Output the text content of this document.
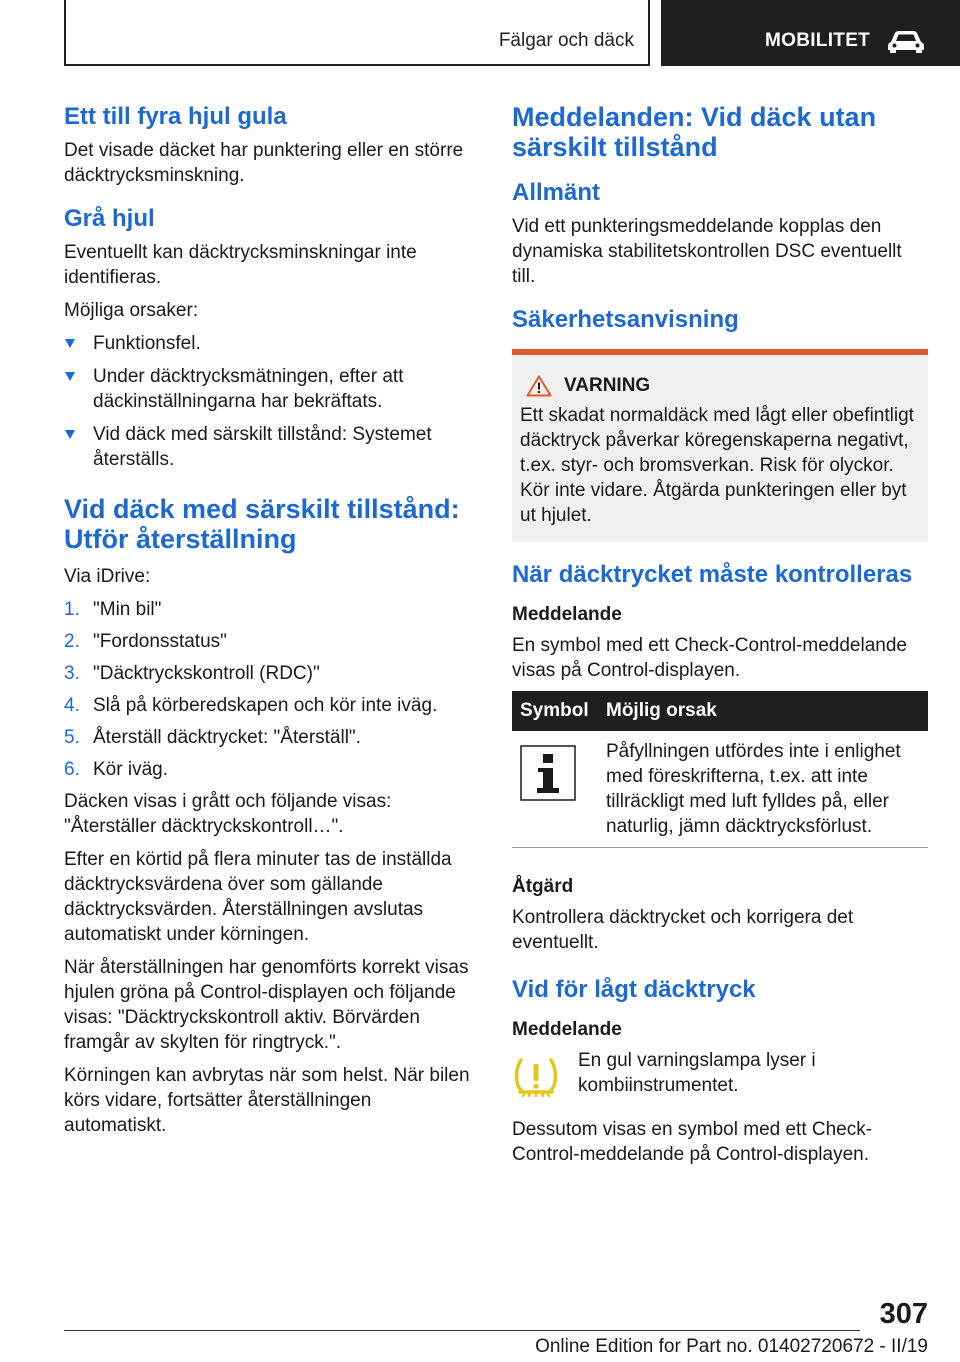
Fälgar och däck	MOBILITET
Ett till fyra hjul gula

Det visade däcket har punktering eller en större däcktrycksminskning.

Grå hjul

Eventuellt kan däcktrycksminskningar inte identifieras.

Möjliga orsaker:

Funktionsfel.
Under däcktrycksmätningen, efter att däckinställningarna har bekräftats.
Vid däck med särskilt tillstånd: Systemet återställs.
Vid däck med särskilt tillstånd: Utför återställning

Via iDrive:

1. "Min bil"
2. "Fordonsstatus"
3. "Däcktryckskontroll (RDC)"
4. Slå på körberedskapen och kör inte iväg.
5. Återställ däcktrycket: "Återställ".
6. Kör iväg.

Däcken visas i grått och följande visas: "Återställer däcktryckskontroll…".

Efter en körtid på flera minuter tas de inställda däcktrycksvärdena över som gällande däcktrycksvärden. Återställningen avslutas automatiskt under körningen.

När återställningen har genomförts korrekt visas hjulen gröna på Control-displayen och följande visas: "Däcktryckskontroll aktiv. Börvärden framgår av skylten för ringtryck.".

Körningen kan avbrytas när som helst. När bilen körs vidare, fortsätter återställningen automatiskt.

Meddelanden: Vid däck utan särskilt tillstånd
Allmänt

Vid ett punkteringsmeddelande kopplas den dynamiska stabilitetskontrollen DSC eventuellt till.

Säkerhetsanvisning
VARNING

Ett skadat normaldäck med lågt eller obefintligt däcktryck påverkar köregenskaperna negativt, t.ex. styr- och bromsverkan. Risk för olyckor. Kör inte vidare. Åtgärda punkteringen eller byt ut hjulet.

När däcktrycket måste kontrolleras
Meddelande

En symbol med ett Check-Control-meddelande visas på Control-displayen.

Symbol	Möjlig orsak
	Påfyllningen utfördes inte i enlighet med föreskrifterna, t.ex. att inte tillräckligt med luft fylldes på, eller naturlig, jämn däcktrycksförlust.
Åtgärd

Kontrollera däcktrycket och korrigera det eventuellt.

Vid för lågt däcktryck
Meddelande

En gul varningslampa lyser i kombiinstrumentet.

Dessutom visas en symbol med ett Check-Control-meddelande på Control-displayen.

307
Online Edition for Part no. 01402720672 - II/19
